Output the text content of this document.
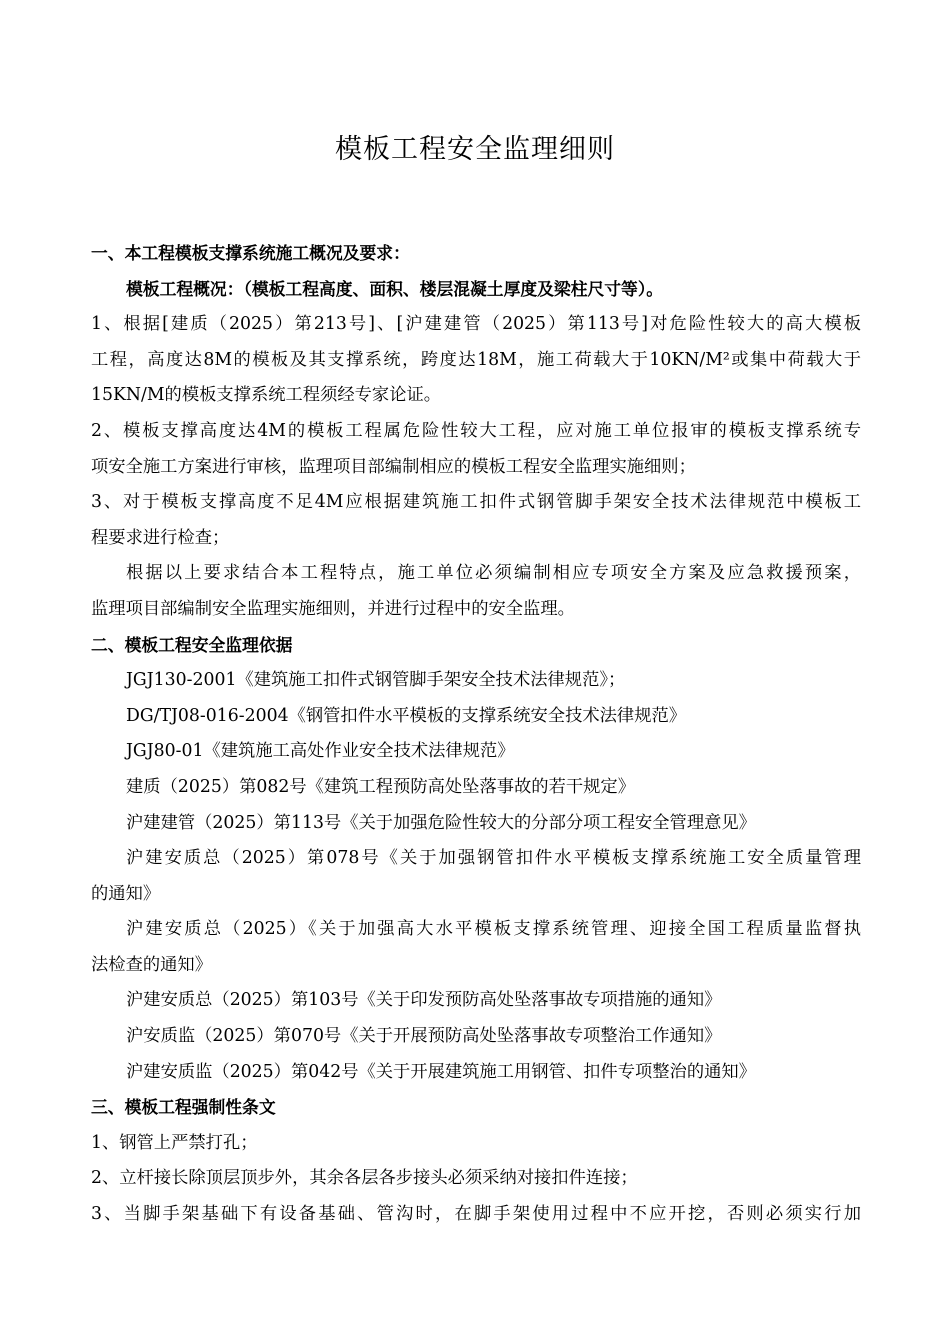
模板工程安全监理细则
一、本工程模板支撑系统施工概况及要求：
模板工程概况：（模板工程高度、面积、楼层混凝土厚度及梁柱尺寸等）。
1、根据[建质（2025）第213号]、[沪建建管（2025）第113号]对危险性较大的高大模板
工程，高度达8M的模板及其支撑系统，跨度达18M，施工荷载大于10KN/M²或集中荷载大于
15KN/M的模板支撑系统工程须经专家论证。
2、模板支撑高度达4M的模板工程属危险性较大工程，应对施工单位报审的模板支撑系统专
项安全施工方案进行审核，监理项目部编制相应的模板工程安全监理实施细则；
3、对于模板支撑高度不足4M应根据建筑施工扣件式钢管脚手架安全技术法律规范中模板工
程要求进行检查；
根据以上要求结合本工程特点，施工单位必须编制相应专项安全方案及应急救援预案，
监理项目部编制安全监理实施细则，并进行过程中的安全监理。
二、模板工程安全监理依据
JGJ130-2001《建筑施工扣件式钢管脚手架安全技术法律规范》；
DG/TJ08-016-2004《钢管扣件水平模板的支撑系统安全技术法律规范》
JGJ80-01《建筑施工高处作业安全技术法律规范》
建质（2025）第082号《建筑工程预防高处坠落事故的若干规定》
沪建建管（2025）第113号《关于加强危险性较大的分部分项工程安全管理意见》
沪建安质总（2025）第078号《关于加强钢管扣件水平模板支撑系统施工安全质量管理
的通知》
沪建安质总（2025）《关于加强高大水平模板支撑系统管理、迎接全国工程质量监督执
法检查的通知》
沪建安质总（2025）第103号《关于印发预防高处坠落事故专项措施的通知》
沪安质监（2025）第070号《关于开展预防高处坠落事故专项整治工作通知》
沪建安质监（2025）第042号《关于开展建筑施工用钢管、扣件专项整治的通知》
三、模板工程强制性条文
1、钢管上严禁打孔；
2、立杆接长除顶层顶步外，其余各层各步接头必须采纳对接扣件连接；
3、当脚手架基础下有设备基础、管沟时，在脚手架使用过程中不应开挖，否则必须实行加
